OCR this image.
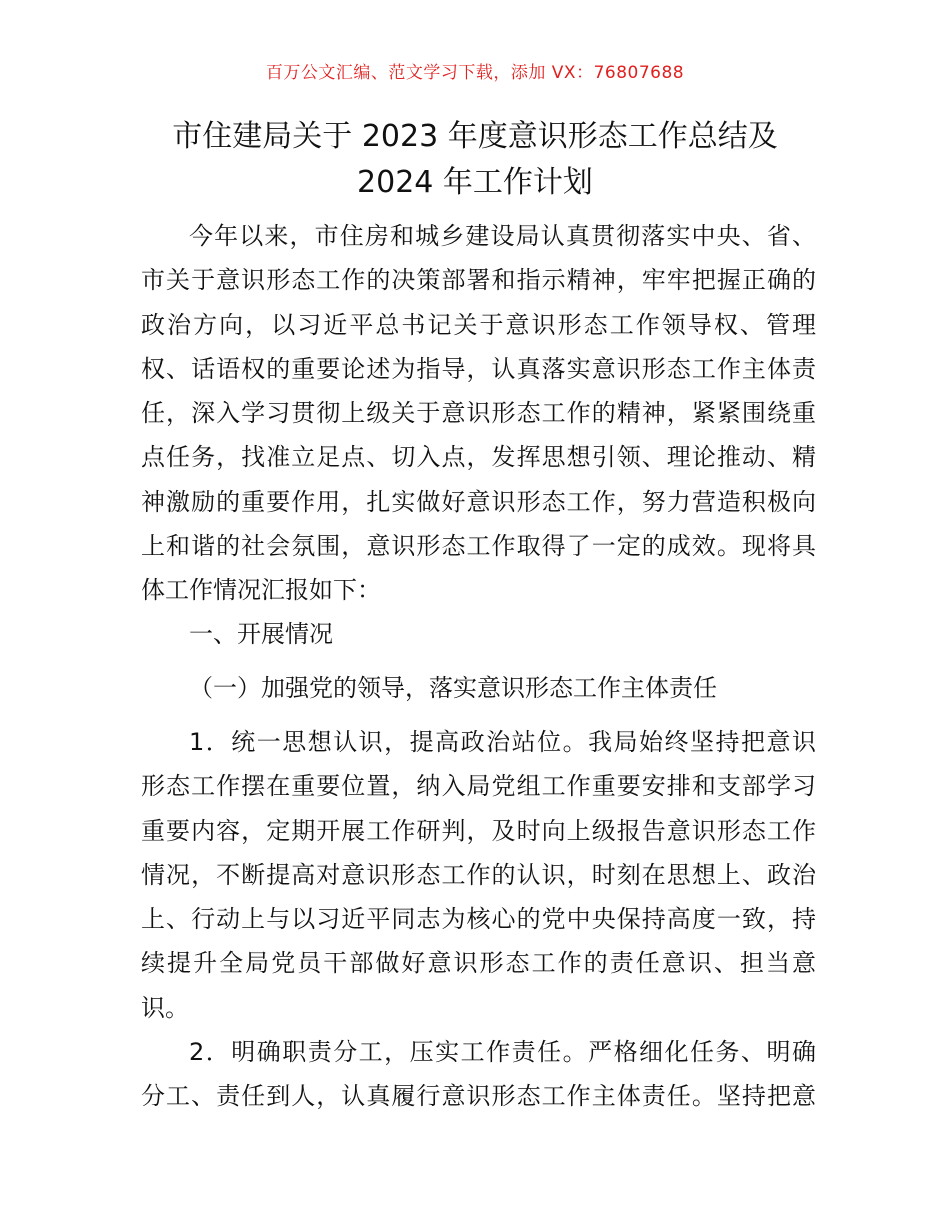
百万公文汇编、范文学习下载，添加 VX：76807688
市住建局关于 2023 年度意识形态工作总结及
2024 年工作计划
今年以来，市住房和城乡建设局认真贯彻落实中央、省、
市关于意识形态工作的决策部署和指示精神，牢牢把握正确的
政治方向，以习近平总书记关于意识形态工作领导权、管理
权、话语权的重要论述为指导，认真落实意识形态工作主体责
任，深入学习贯彻上级关于意识形态工作的精神，紧紧围绕重
点任务，找准立足点、切入点，发挥思想引领、理论推动、精
神激励的重要作用，扎实做好意识形态工作，努力营造积极向
上和谐的社会氛围，意识形态工作取得了一定的成效。现将具
体工作情况汇报如下：
一、开展情况
（一）加强党的领导，落实意识形态工作主体责任
1．统一思想认识，提高政治站位。我局始终坚持把意识
形态工作摆在重要位置，纳入局党组工作重要安排和支部学习
重要内容，定期开展工作研判，及时向上级报告意识形态工作
情况，不断提高对意识形态工作的认识，时刻在思想上、政治
上、行动上与以习近平同志为核心的党中央保持高度一致，持
续提升全局党员干部做好意识形态工作的责任意识、担当意
识。
2．明确职责分工，压实工作责任。严格细化任务、明确
分工、责任到人，认真履行意识形态工作主体责任。坚持把意
